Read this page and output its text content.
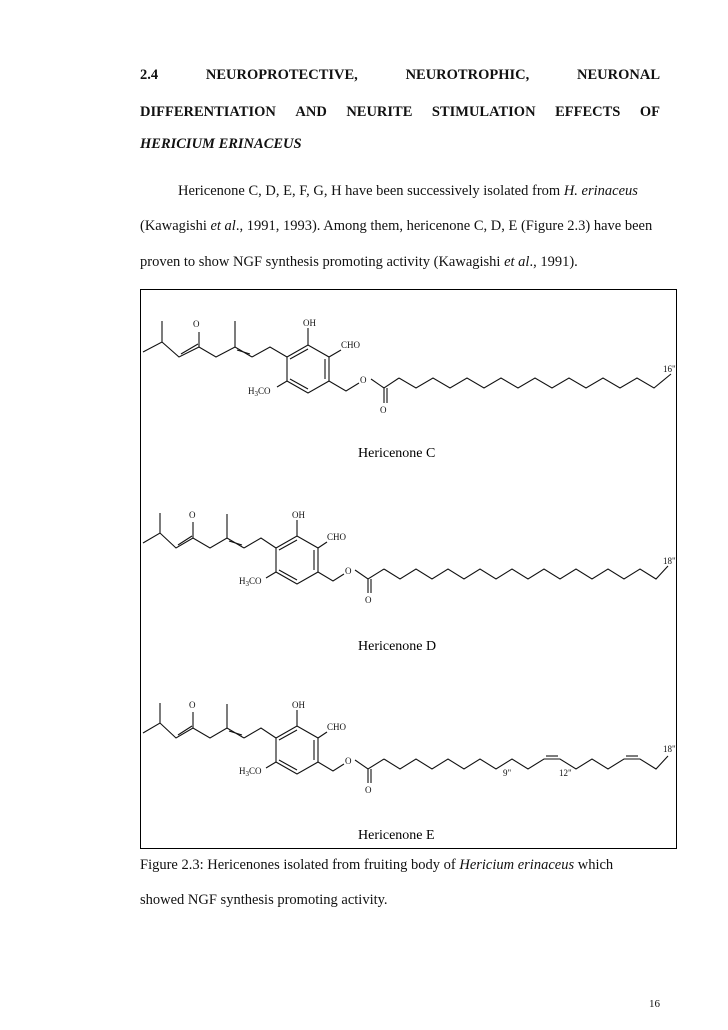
2.4	NEUROPROTECTIVE,	NEUROTROPHIC,	NEURONAL
DIFFERENTIATION AND NEURITE STIMULATION EFFECTS OF
HERICIUM ERINACEUS
Hericenone C, D, E, F, G, H have been successively isolated from H. erinaceus
(Kawagishi et al., 1991, 1993). Among them, hericenone C, D, E (Figure 2.3) have been
proven to show NGF synthesis promoting activity (Kawagishi et al., 1991).
O	OH
CHO
O
O
$H_3CO$
16"
Hericenone C
O	OH
CHO
O
O
$H_3CO$
18"
Hericenone D
O	OH
CHO
O
O
$H_3CO$	9"	12"
18"
Hericenone E
Figure 2.3: Hericenones isolated from fruiting body of Hericium erinaceus which
showed NGF synthesis promoting activity.
16
